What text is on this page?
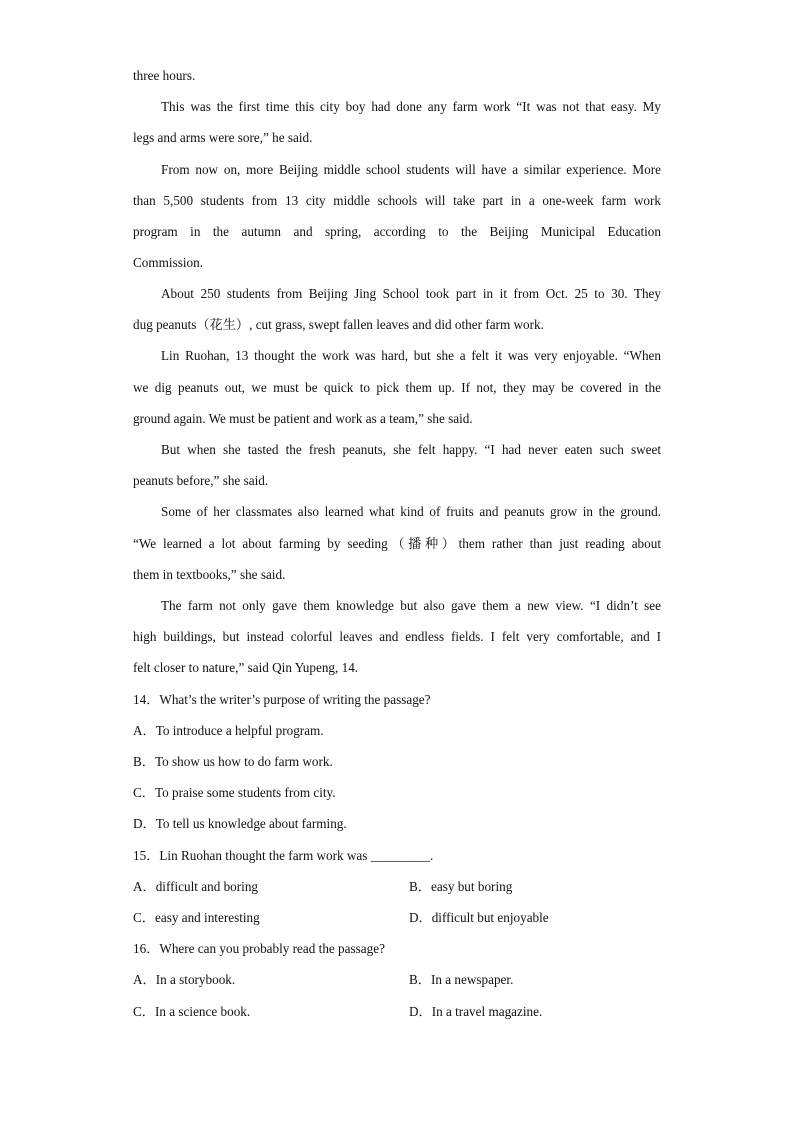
three hours.
This was the first time this city boy had done any farm work “It was not that easy. My
legs and arms were sore,” he said.
From now on, more Beijing middle school students will have a similar experience. More
than 5,500 students from 13 city middle schools will take part in a one-week farm work
program in the autumn and spring, according to the Beijing Municipal Education
Commission.
About 250 students from Beijing Jing School took part in it from Oct. 25 to 30. They
dug peanuts（花生）, cut grass, swept fallen leaves and did other farm work.
Lin Ruohan, 13 thought the work was hard, but she a felt it was very enjoyable. “When
we dig peanuts out, we must be quick to pick them up. If not, they may be covered in the
ground again. We must be patient and work as a team,” she said.
But when she tasted the fresh peanuts, she felt happy. “I had never eaten such sweet
peanuts before,” she said.
Some of her classmates also learned what kind of fruits and peanuts grow in the ground.
“We learned a lot about farming by seeding（播种）them rather than just reading about
them in textbooks,” she said.
The farm not only gave them knowledge but also gave them a new view. “I didn’t see
high buildings, but instead colorful leaves and endless fields. I felt very comfortable, and I
felt closer to nature,” said Qin Yupeng, 14.
14．What’s the writer’s purpose of writing the passage?
A．To introduce a helpful program.
B．To show us how to do farm work.
C．To praise some students from city.
D．To tell us knowledge about farming.
15．Lin Ruohan thought the farm work was _________.
A．difficult and boring	B．easy but boring
C．easy and interesting	D．difficult but enjoyable
16．Where can you probably read the passage?
A．In a storybook.	B．In a newspaper.
C．In a science book.	D．In a travel magazine.
